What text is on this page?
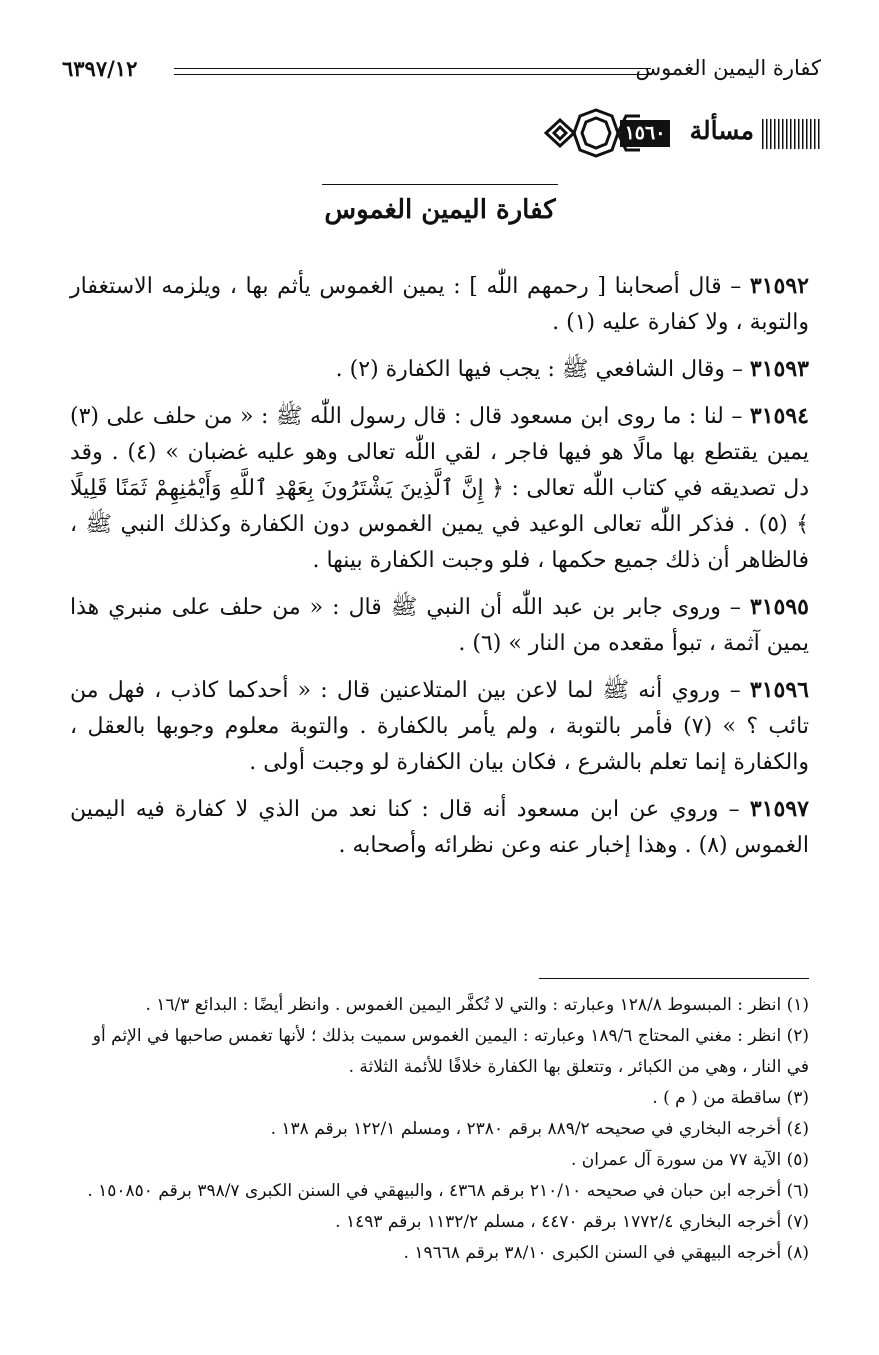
٦٣٩٧/١٢	كفارة اليمين الغموس
١٥٦٠ مسألة
كفارة اليمين الغموس

٣١٥٩٢ – قال أصحابنا [ رحمهم اللّٰه ] : يمين الغموس يأثم بها ، ويلزمه الاستغفار والتوبة ، ولا كفارة عليه (١) .

٣١٥٩٣ – وقال الشافعي ﷺ : يجب فيها الكفارة (٢) .

٣١٥٩٤ – لنا : ما روى ابن مسعود قال : قال رسول اللّٰه ﷺ : « من حلف على (٣) يمين يقتطع بها مالًا هو فيها فاجر ، لقي اللّٰه تعالى وهو عليه غضبان » (٤) . وقد دل تصديقه في كتاب اللّٰه تعالى : ﴿ إِنَّ ٱلَّذِينَ يَشْتَرُونَ بِعَهْدِ ٱللَّهِ وَأَيْمَٰنِهِمْ ثَمَنًا قَلِيلًا ﴾ (٥) . فذكر اللّٰه تعالى الوعيد في يمين الغموس دون الكفارة وكذلك النبي ﷺ ، فالظاهر أن ذلك جميع حكمها ، فلو وجبت الكفارة بينها .

٣١٥٩٥ – وروى جابر بن عبد اللّٰه أن النبي ﷺ قال : « من حلف على منبري هذا يمين آثمة ، تبوأ مقعده من النار » (٦) .

٣١٥٩٦ – وروي أنه ﷺ لما لاعن بين المتلاعنين قال : « أحدكما كاذب ، فهل من تائب ؟ » (٧) فأمر بالتوبة ، ولم يأمر بالكفارة . والتوبة معلوم وجوبها بالعقل ، والكفارة إنما تعلم بالشرع ، فكان بيان الكفارة لو وجبت أولى .

٣١٥٩٧ – وروي عن ابن مسعود أنه قال : كنا نعد من الذي لا كفارة فيه اليمين الغموس (٨) . وهذا إخبار عنه وعن نظرائه وأصحابه .

(١) انظر : المبسوط ١٢٨/٨ وعبارته : والتي لا تُكفَّر اليمين الغموس . وانظر أيضًا : البدائع ١٦/٣ .
(٢) انظر : مغني المحتاج ١٨٩/٦ وعبارته : اليمين الغموس سميت بذلك ؛ لأنها تغمس صاحبها في الإثم أو في النار ، وهي من الكبائر ، وتتعلق بها الكفارة خلافًا للأئمة الثلاثة .
(٣) ساقطة من ( م ) .
(٤) أخرجه البخاري في صحيحه ٨٨٩/٢ برقم ٢٣٨٠ ، ومسلم ١٢٢/١ برقم ١٣٨ .
(٥) الآية ٧٧ من سورة آل عمران .
(٦) أخرجه ابن حبان في صحيحه ٢١٠/١٠ برقم ٤٣٦٨ ، والبيهقي في السنن الكبرى ٣٩٨/٧ برقم ١٥٠٨٥٠ .
(٧) أخرجه البخاري ١٧٧٢/٤ برقم ٤٤٧٠ ، مسلم ١١٣٢/٢ برقم ١٤٩٣ .
(٨) أخرجه البيهقي في السنن الكبرى ٣٨/١٠ برقم ١٩٦٦٨ .
